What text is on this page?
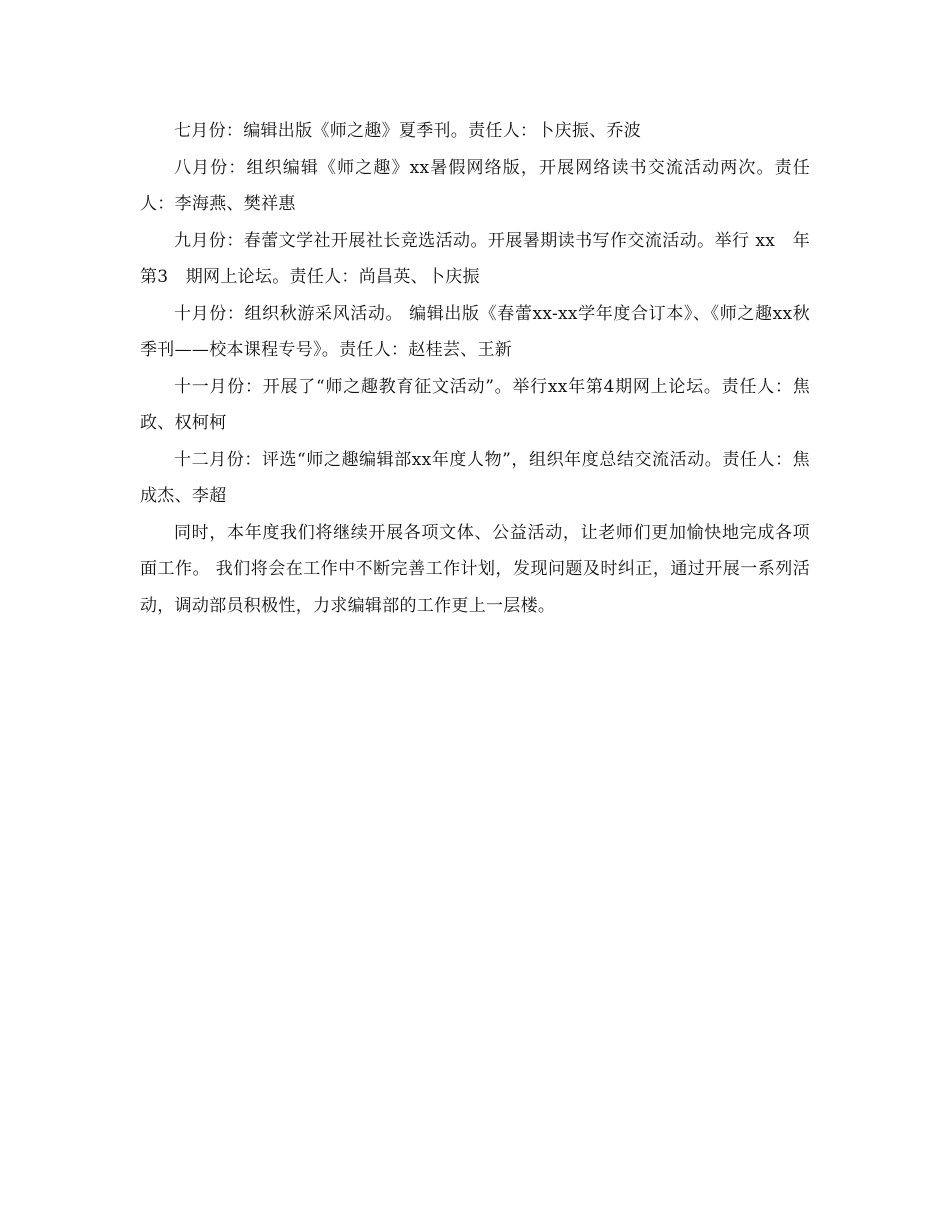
七月份：编辑出版《师之趣》夏季刊。责任人：卜庆振、乔波

八月份：组织编辑《师之趣》xx暑假网络版，开展网络读书交流活动两次。责任人：李海燕、樊祥惠

九月份：春蕾文学社开展社长竞选活动。开展暑期读书写作交流活动。举行 xx　年第3　期网上论坛。责任人：尚昌英、卜庆振

十月份：组织秋游采风活动。 编辑出版《春蕾xx-xx学年度合订本》、《师之趣xx秋季刊——校本课程专号》。责任人：赵桂芸、王新

十一月份：开展了“师之趣教育征文活动”。举行xx年第4期网上论坛。责任人：焦政、权柯柯

十二月份：评选“师之趣编辑部xx年度人物”，组织年度总结交流活动。责任人：焦成杰、李超

同时，本年度我们将继续开展各项文体、公益活动，让老师们更加愉快地完成各项面工作。 我们将会在工作中不断完善工作计划，发现问题及时纠正，通过开展一系列活动，调动部员积极性，力求编辑部的工作更上一层楼。
